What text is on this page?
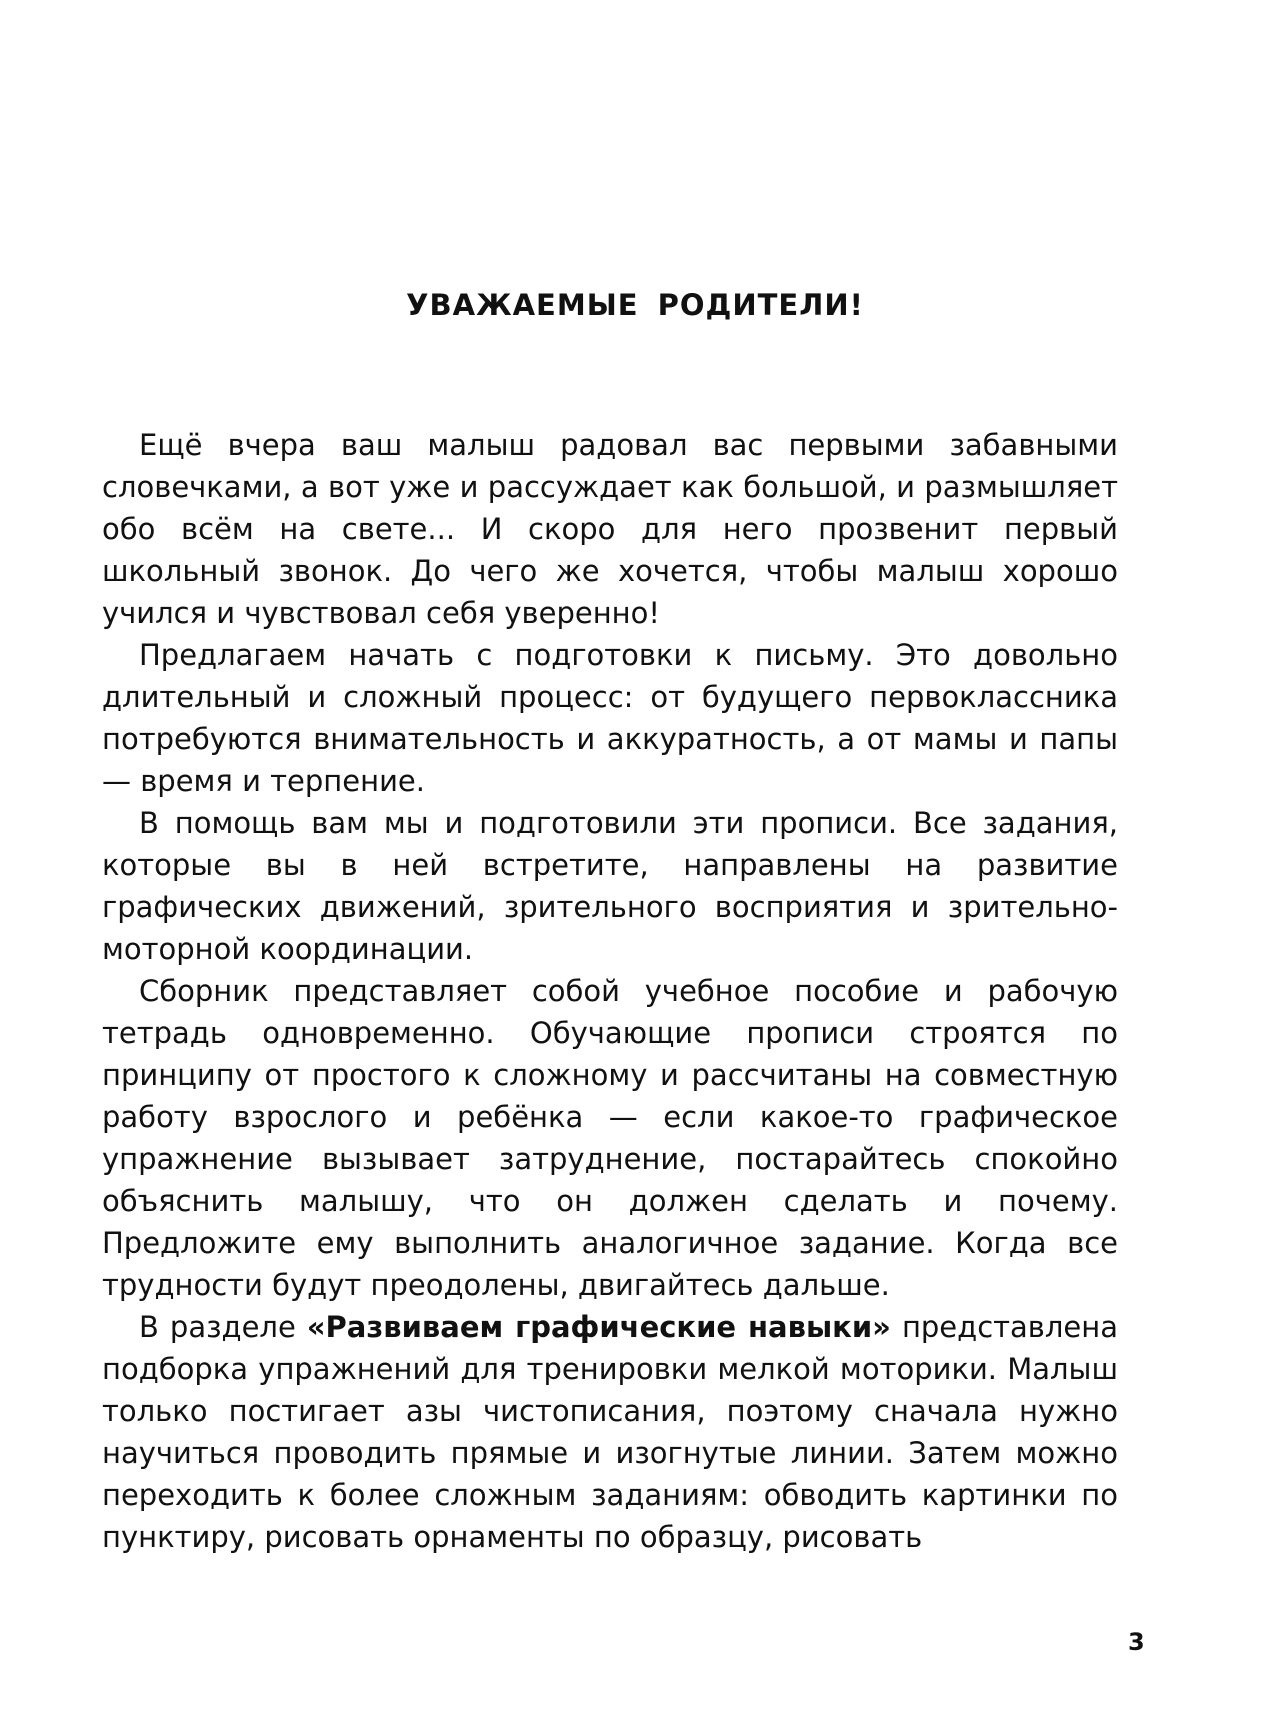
УВАЖАЕМЫЕ РОДИТЕЛИ!

Ещё вчера ваш малыш радовал вас первыми забавными словечками, а вот уже и рассуждает как большой, и размышляет обо всём на свете... И скоро для него прозвенит первый школьный звонок. До чего же хочется, чтобы малыш хорошо учился и чувствовал себя уверенно!

Предлагаем начать с подготовки к письму. Это довольно длительный и сложный процесс: от будущего первоклассника потребуются внимательность и аккуратность, а от мамы и папы — время и терпение.

В помощь вам мы и подготовили эти прописи. Все задания, которые вы в ней встретите, направлены на развитие графических движений, зрительного восприятия и зрительно-моторной координации.

Сборник представляет собой учебное пособие и рабочую тетрадь одновременно. Обучающие прописи строятся по принципу от простого к сложному и рассчитаны на совместную работу взрослого и ребёнка — если какое-то графическое упражнение вызывает затруднение, постарайтесь спокойно объяснить малышу, что он должен сделать и почему. Предложите ему выполнить аналогичное задание. Когда все трудности будут преодолены, двигайтесь дальше.

В разделе «Развиваем графические навыки» представлена подборка упражнений для тренировки мелкой моторики. Малыш только постигает азы чистописания, поэтому сначала нужно научиться проводить прямые и изогнутые линии. Затем можно переходить к более сложным заданиям: обводить картинки по пунктиру, рисовать орнаменты по образцу, рисовать

3
